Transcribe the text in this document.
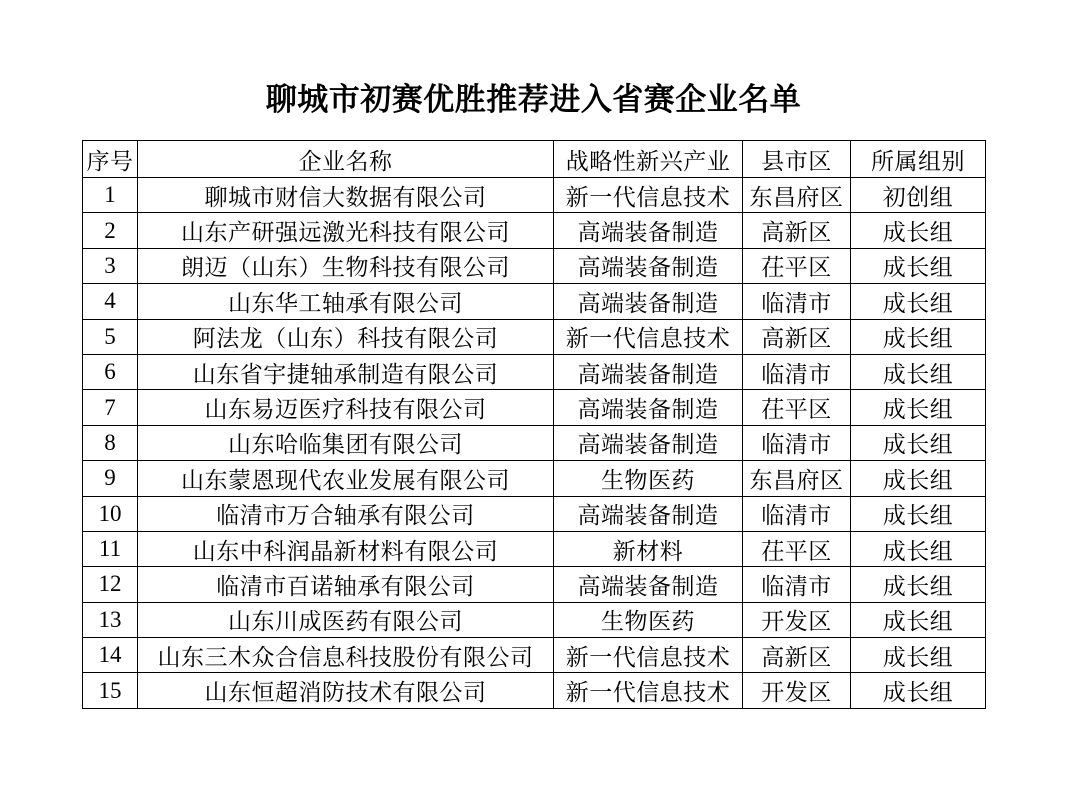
聊城市初赛优胜推荐进入省赛企业名单
序号	企业名称	战略性新兴产业	县市区	所属组别
1	聊城市财信大数据有限公司	新一代信息技术	东昌府区	初创组
2	山东产研强远激光科技有限公司	高端装备制造	高新区	成长组
3	朗迈（山东）生物科技有限公司	高端装备制造	茌平区	成长组
4	山东华工轴承有限公司	高端装备制造	临清市	成长组
5	阿法龙（山东）科技有限公司	新一代信息技术	高新区	成长组
6	山东省宇捷轴承制造有限公司	高端装备制造	临清市	成长组
7	山东易迈医疗科技有限公司	高端装备制造	茌平区	成长组
8	山东哈临集团有限公司	高端装备制造	临清市	成长组
9	山东蒙恩现代农业发展有限公司	生物医药	东昌府区	成长组
10	临清市万合轴承有限公司	高端装备制造	临清市	成长组
11	山东中科润晶新材料有限公司	新材料	茌平区	成长组
12	临清市百诺轴承有限公司	高端装备制造	临清市	成长组
13	山东川成医药有限公司	生物医药	开发区	成长组
14	山东三木众合信息科技股份有限公司	新一代信息技术	高新区	成长组
15	山东恒超消防技术有限公司	新一代信息技术	开发区	成长组
